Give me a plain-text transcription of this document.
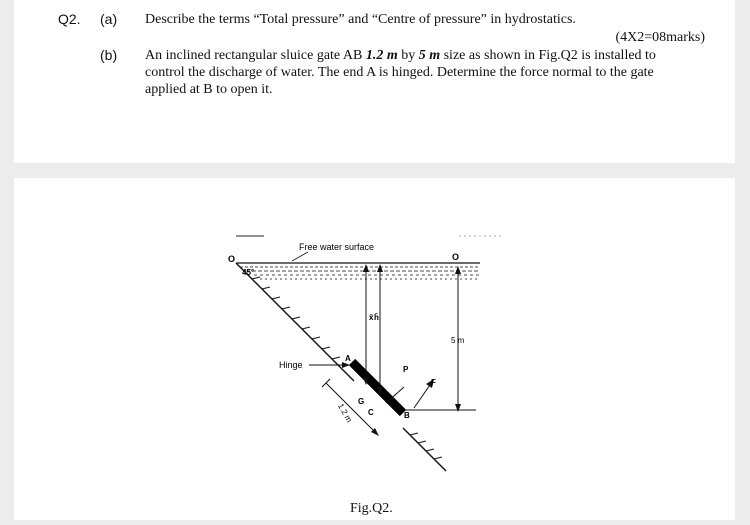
Q2. (a) Describe the terms “Total pressure” and “Centre of pressure” in hydrostatics.
(4X2=08marks)
(b) An inclined rectangular sluice gate AB 1.2 m by 5 m size as shown in Fig.Q2 is installed to control the discharge of water. The end A is hinged. Determine the force normal to the gate applied at B to open it.
Free water surface
O	O
45°
Hinge
A
B
G
C
P
F
x̄ h̄
5 m
1.2 m
Fig.Q2.
